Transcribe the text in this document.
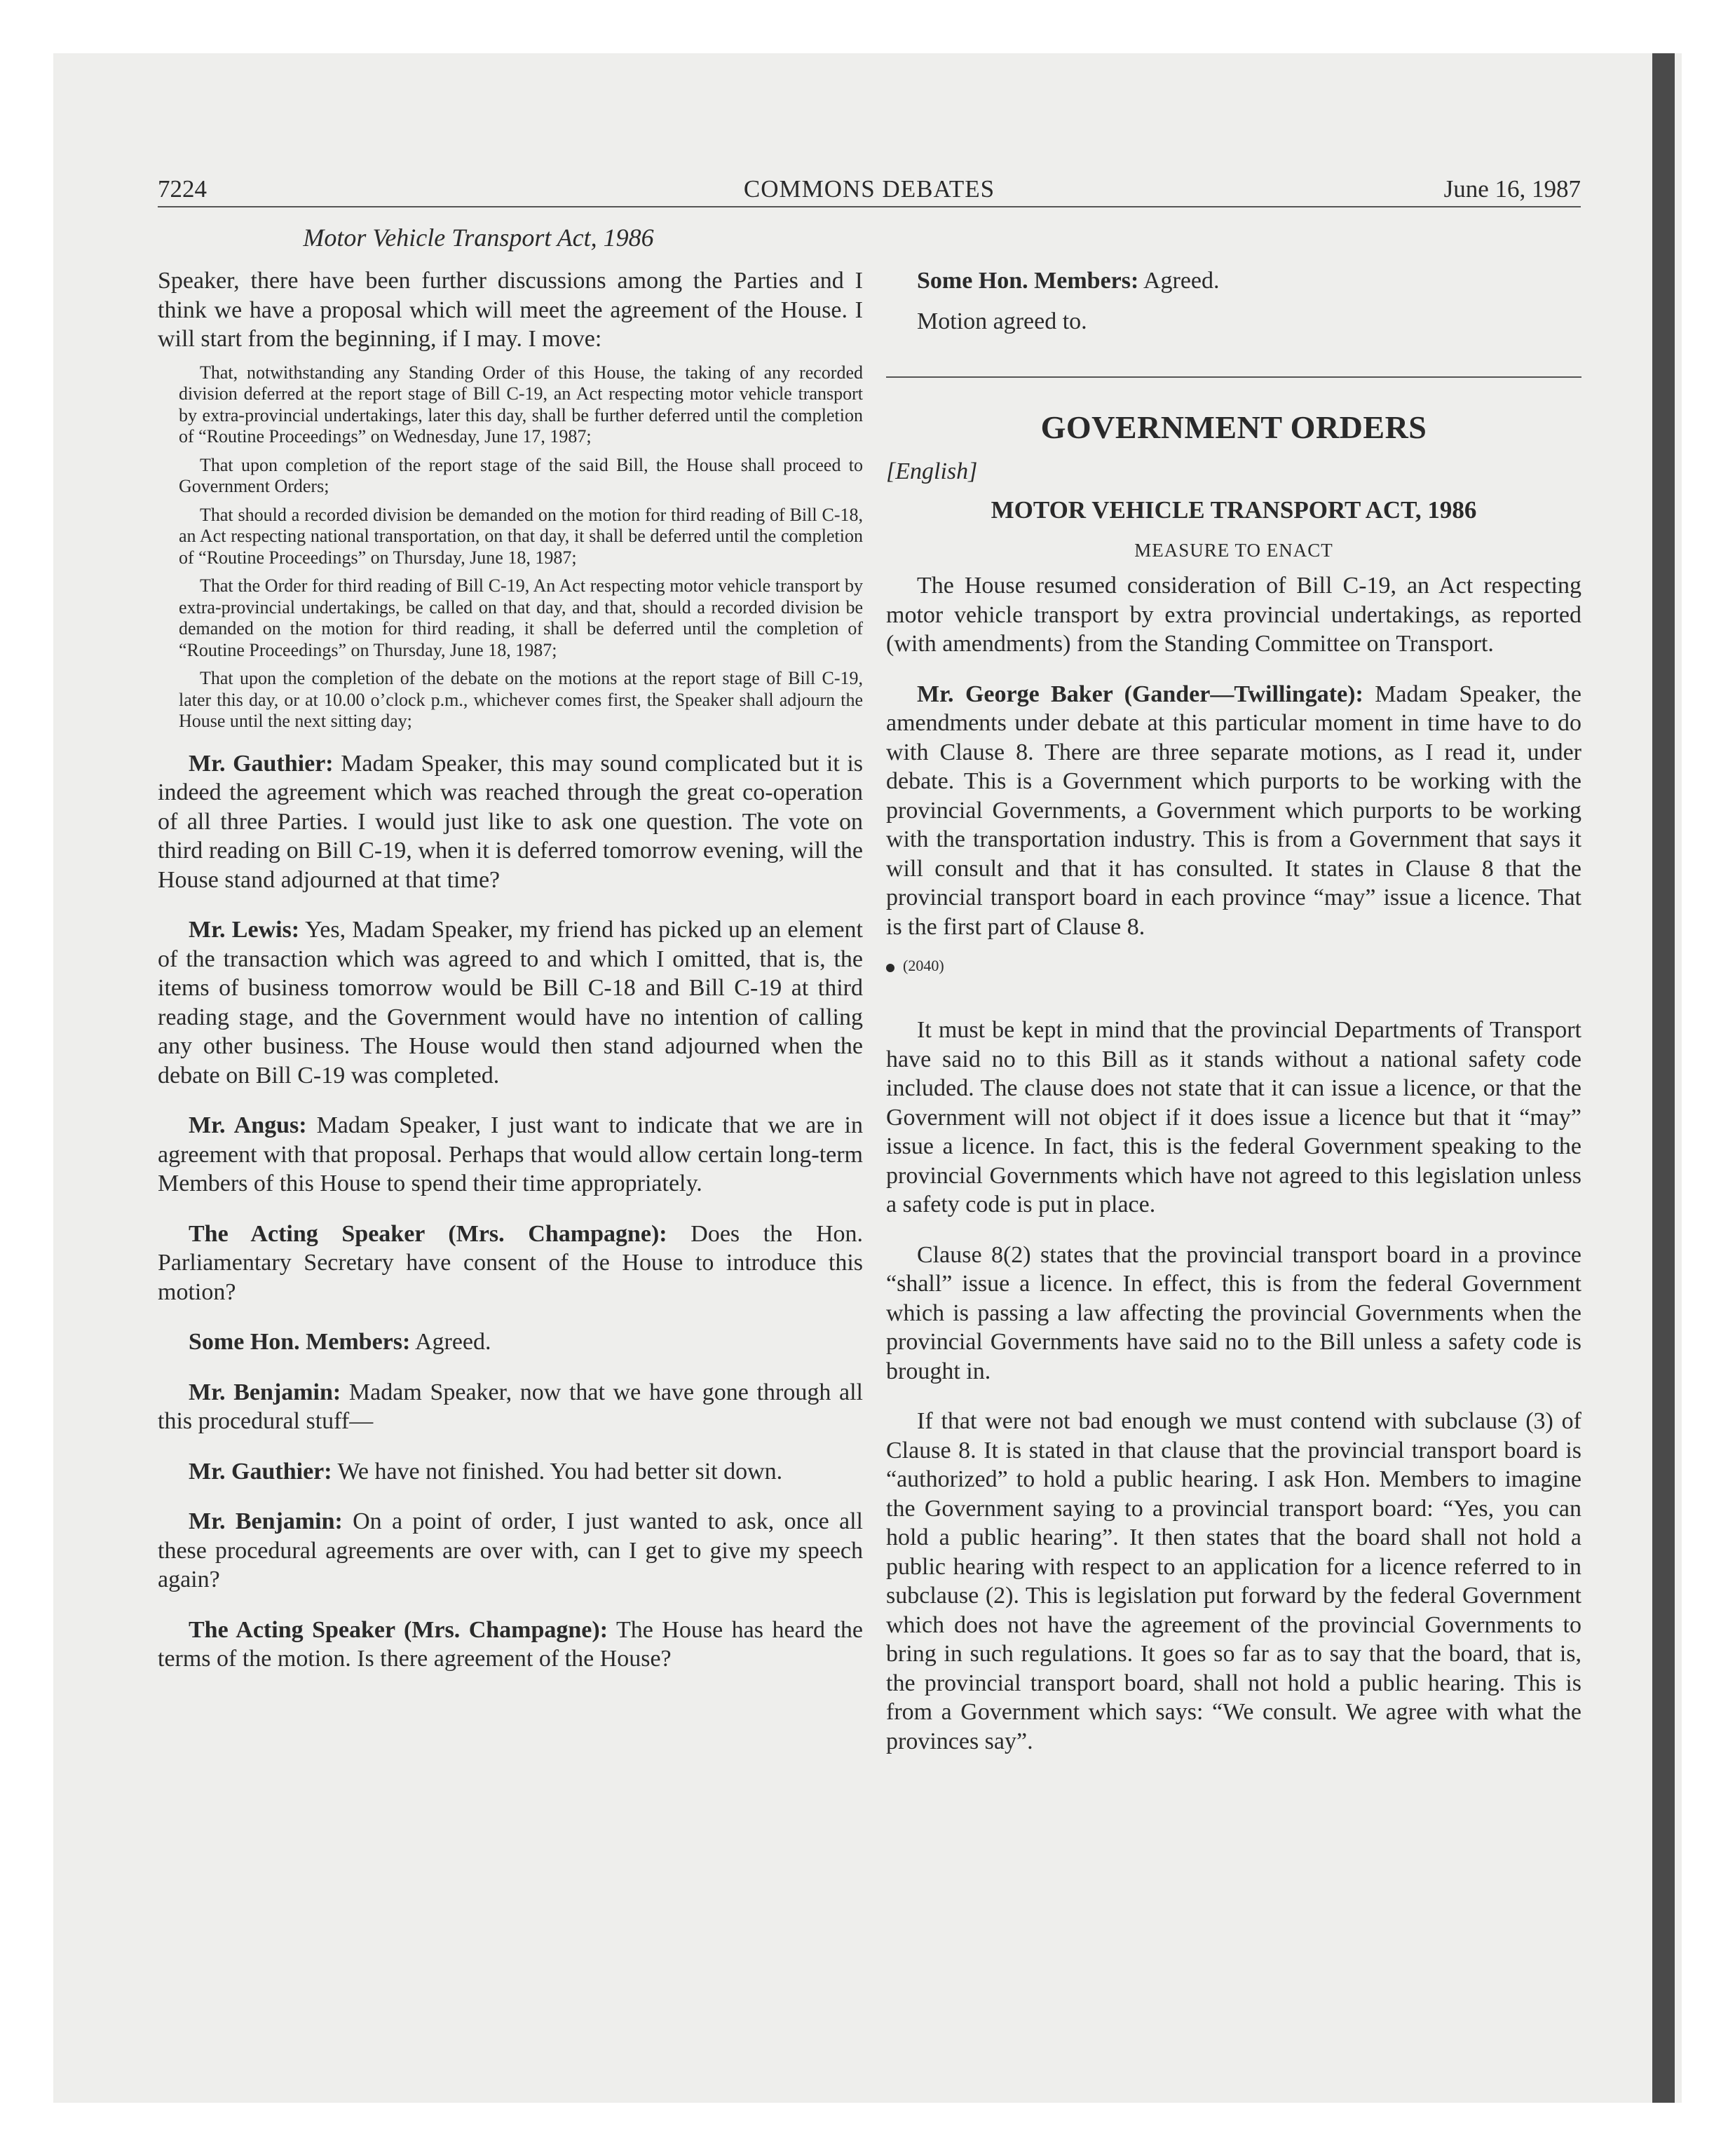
7224	COMMONS DEBATES	June 16, 1987
Motor Vehicle Transport Act, 1986

Speaker, there have been further discussions among the Parties and I think we have a proposal which will meet the agreement of the House. I will start from the beginning, if I may. I move:

That, notwithstanding any Standing Order of this House, the taking of any recorded division deferred at the report stage of Bill C-19, an Act respecting motor vehicle transport by extra-provincial undertakings, later this day, shall be further deferred until the completion of “Routine Proceedings” on Wednesday, June 17, 1987;

That upon completion of the report stage of the said Bill, the House shall proceed to Government Orders;

That should a recorded division be demanded on the motion for third reading of Bill C-18, an Act respecting national transportation, on that day, it shall be deferred until the completion of “Routine Proceedings” on Thursday, June 18, 1987;

That the Order for third reading of Bill C-19, An Act respecting motor vehicle transport by extra-provincial undertakings, be called on that day, and that, should a recorded division be demanded on the motion for third reading, it shall be deferred until the completion of “Routine Proceedings” on Thursday, June 18, 1987;

That upon the completion of the debate on the motions at the report stage of Bill C-19, later this day, or at 10.00 o’clock p.m., whichever comes first, the Speaker shall adjourn the House until the next sitting day;

Mr. Gauthier: Madam Speaker, this may sound complicated but it is indeed the agreement which was reached through the great co-operation of all three Parties. I would just like to ask one question. The vote on third reading on Bill C-19, when it is deferred tomorrow evening, will the House stand adjourned at that time?

Mr. Lewis: Yes, Madam Speaker, my friend has picked up an element of the transaction which was agreed to and which I omitted, that is, the items of business tomorrow would be Bill C-18 and Bill C-19 at third reading stage, and the Government would have no intention of calling any other business. The House would then stand adjourned when the debate on Bill C-19 was completed.

Mr. Angus: Madam Speaker, I just want to indicate that we are in agreement with that proposal. Perhaps that would allow certain long-term Members of this House to spend their time appropriately.

The Acting Speaker (Mrs. Champagne): Does the Hon. Parliamentary Secretary have consent of the House to introduce this motion?

Some Hon. Members: Agreed.

Mr. Benjamin: Madam Speaker, now that we have gone through all this procedural stuff—

Mr. Gauthier: We have not finished. You had better sit down.

Mr. Benjamin: On a point of order, I just wanted to ask, once all these procedural agreements are over with, can I get to give my speech again?

The Acting Speaker (Mrs. Champagne): The House has heard the terms of the motion. Is there agreement of the House?

Some Hon. Members: Agreed.

Motion agreed to.

GOVERNMENT ORDERS
[English]
MOTOR VEHICLE TRANSPORT ACT, 1986
MEASURE TO ENACT

The House resumed consideration of Bill C-19, an Act respecting motor vehicle transport by extra provincial undertakings, as reported (with amendments) from the Standing Committee on Transport.

Mr. George Baker (Gander—Twillingate): Madam Speaker, the amendments under debate at this particular moment in time have to do with Clause 8. There are three separate motions, as I read it, under debate. This is a Government which purports to be working with the provincial Governments, a Government which purports to be working with the transportation industry. This is from a Government that says it will consult and that it has consulted. It states in Clause 8 that the provincial transport board in each province “may” issue a licence. That is the first part of Clause 8.

(2040)

It must be kept in mind that the provincial Departments of Transport have said no to this Bill as it stands without a national safety code included. The clause does not state that it can issue a licence, or that the Government will not object if it does issue a licence but that it “may” issue a licence. In fact, this is the federal Government speaking to the provincial Governments which have not agreed to this legislation unless a safety code is put in place.

Clause 8(2) states that the provincial transport board in a province “shall” issue a licence. In effect, this is from the federal Government which is passing a law affecting the provincial Governments when the provincial Governments have said no to the Bill unless a safety code is brought in.

If that were not bad enough we must contend with subclause (3) of Clause 8. It is stated in that clause that the provincial transport board is “authorized” to hold a public hearing. I ask Hon. Members to imagine the Government saying to a provincial transport board: “Yes, you can hold a public hearing”. It then states that the board shall not hold a public hearing with respect to an application for a licence referred to in subclause (2). This is legislation put forward by the federal Government which does not have the agreement of the provincial Governments to bring in such regulations. It goes so far as to say that the board, that is, the provincial transport board, shall not hold a public hearing. This is from a Government which says: “We consult. We agree with what the provinces say”.
